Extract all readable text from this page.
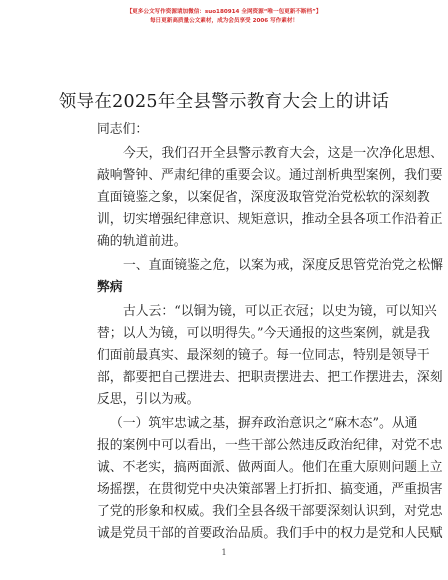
【更多公文写作资源请加微信：suo180914 全网资源“唯一包更新不断档”】
每日更新高质量公文素材，成为会员享受 2006 写作素材！
领导在2025年全县警示教育大会上的讲话
同志们：
今天，我们召开全县警示教育大会，这是一次净化思想、
敲响警钟、严肃纪律的重要会议。通过剖析典型案例，我们要
直面镜鉴之象，以案促省，深度汲取管党治党松软的深刻教
训，切实增强纪律意识、规矩意识，推动全县各项工作沿着正
确的轨道前进。
一、直面镜鉴之危，以案为戒，深度反思管党治党之松懈
弊病
古人云：“以铜为镜，可以正衣冠；以史为镜，可以知兴
替；以人为镜，可以明得失。”今天通报的这些案例，就是我
们面前最真实、最深刻的镜子。每一位同志，特别是领导干
部，都要把自己摆进去、把职责摆进去、把工作摆进去，深刻
反思，引以为戒。
（一）筑牢忠诚之基，摒弃政治意识之“麻木态”。从通
报的案例中可以看出，一些干部公然违反政治纪律，对党不忠
诚、不老实，搞两面派、做两面人。他们在重大原则问题上立
场摇摆，在贯彻党中央决策部署上打折扣、搞变通，严重损害
了党的形象和权威。我们全县各级干部要深刻认识到，对党忠
诚是党员干部的首要政治品质。我们手中的权力是党和人民赋
1
